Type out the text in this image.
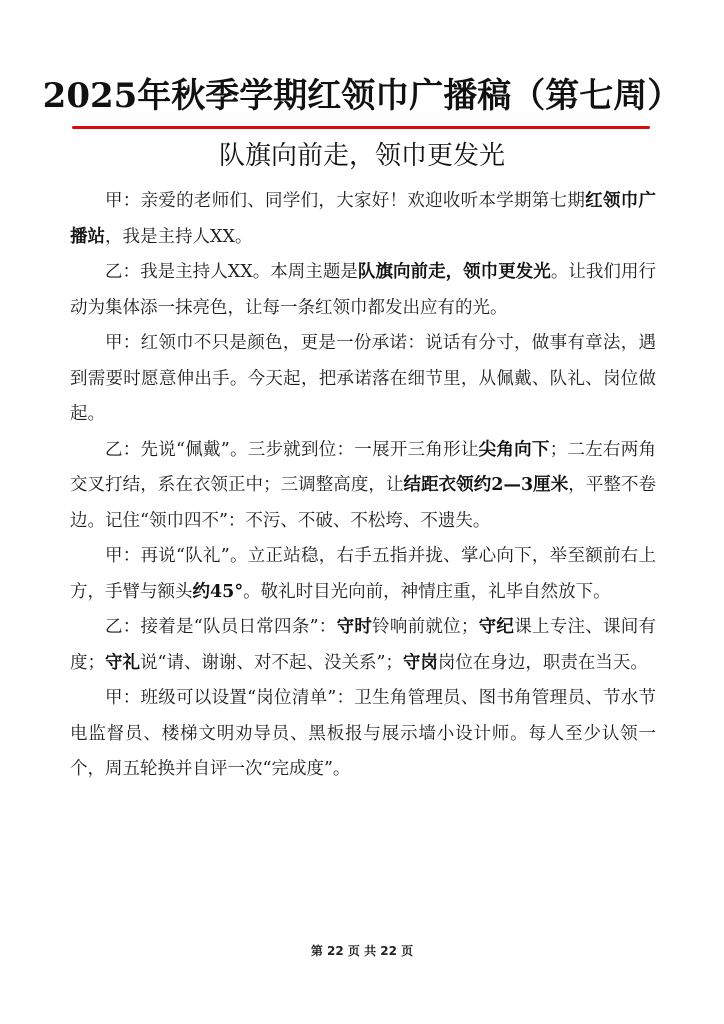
2025年秋季学期红领巾广播稿（第七周）
队旗向前走，领巾更发光

甲：亲爱的老师们、同学们，大家好！欢迎收听本学期第七期红领巾广播站，我是主持人XX。

乙：我是主持人XX。本周主题是队旗向前走，领巾更发光。让我们用行动为集体添一抹亮色，让每一条红领巾都发出应有的光。

甲：红领巾不只是颜色，更是一份承诺：说话有分寸，做事有章法，遇到需要时愿意伸出手。今天起，把承诺落在细节里，从佩戴、队礼、岗位做起。

乙：先说“佩戴”。三步就到位：一展开三角形让尖角向下；二左右两角交叉打结，系在衣领正中；三调整高度，让结距衣领约2—3厘米，平整不卷边。记住“领巾四不”：不污、不破、不松垮、不遗失。

甲：再说“队礼”。立正站稳，右手五指并拢、掌心向下，举至额前右上方，手臂与额头约45°。敬礼时目光向前，神情庄重，礼毕自然放下。

乙：接着是“队员日常四条”：守时铃响前就位；守纪课上专注、课间有度；守礼说“请、谢谢、对不起、没关系”；守岗岗位在身边，职责在当天。

甲：班级可以设置“岗位清单”：卫生角管理员、图书角管理员、节水节电监督员、楼梯文明劝导员、黑板报与展示墙小设计师。每人至少认领一个，周五轮换并自评一次“完成度”。

第 22 页 共 22 页
